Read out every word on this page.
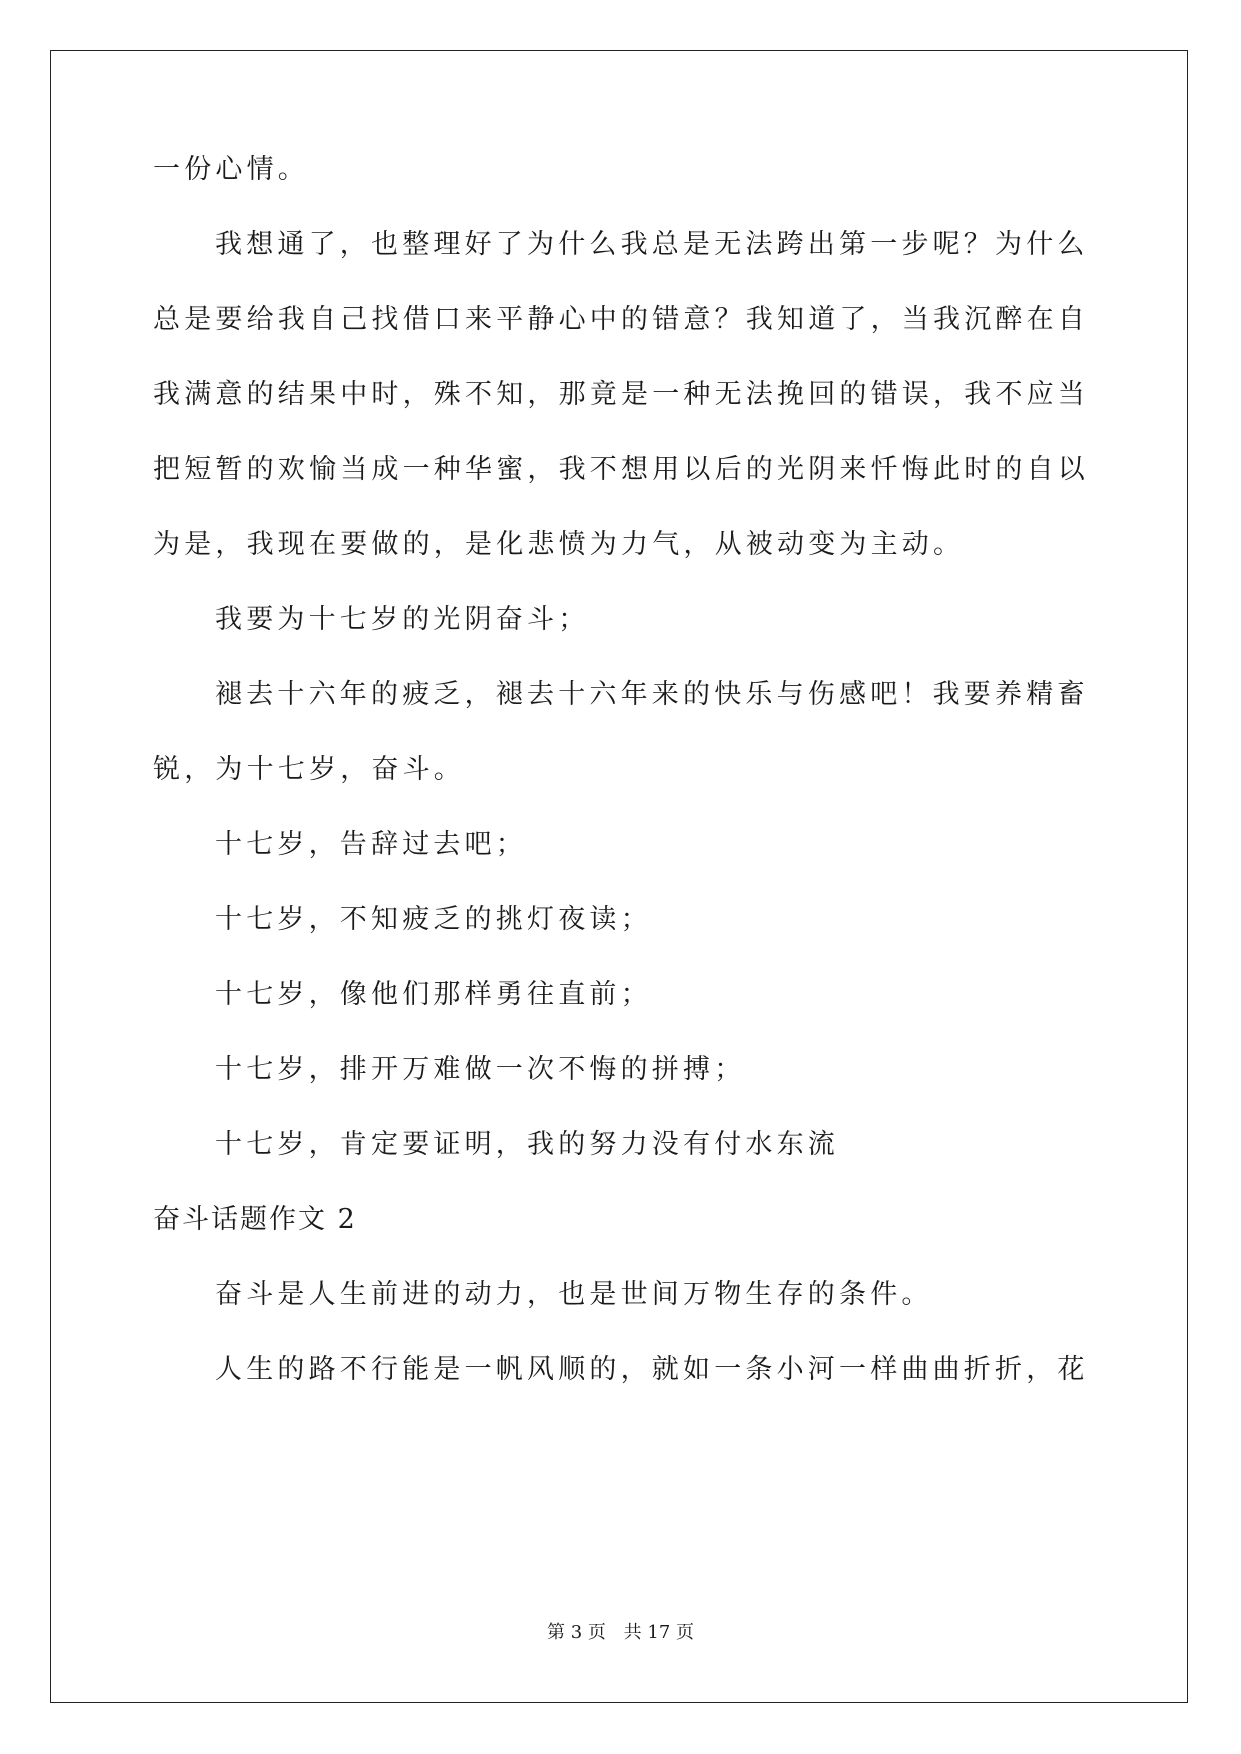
一份心情。
我想通了，也整理好了为什么我总是无法跨出第一步呢？为什么
总是要给我自己找借口来平静心中的错意？我知道了，当我沉醉在自
我满意的结果中时，殊不知，那竟是一种无法挽回的错误，我不应当
把短暂的欢愉当成一种华蜜，我不想用以后的光阴来忏悔此时的自以
为是，我现在要做的，是化悲愤为力气，从被动变为主动。
我要为十七岁的光阴奋斗；
褪去十六年的疲乏，褪去十六年来的快乐与伤感吧！我要养精畜
锐，为十七岁，奋斗。
十七岁，告辞过去吧；
十七岁，不知疲乏的挑灯夜读；
十七岁，像他们那样勇往直前；
十七岁，排开万难做一次不悔的拼搏；
十七岁，肯定要证明，我的努力没有付水东流
奋斗话题作文 2
奋斗是人生前进的动力，也是世间万物生存的条件。
人生的路不行能是一帆风顺的，就如一条小河一样曲曲折折，花
第 3 页 共 17 页
